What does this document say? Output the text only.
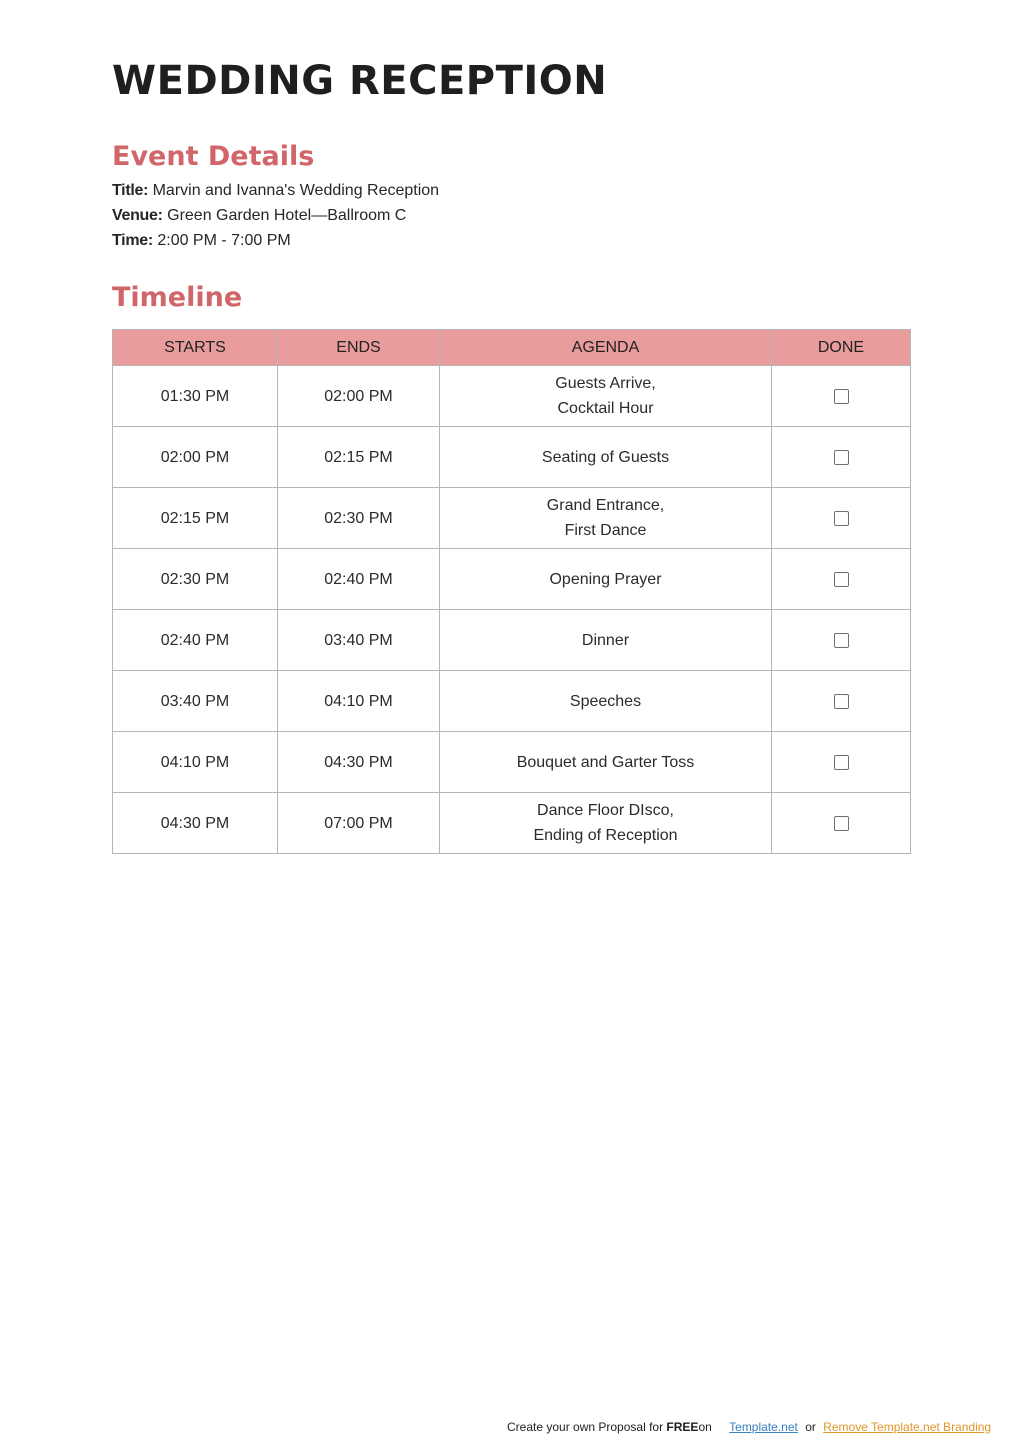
WEDDING RECEPTION
Event Details
Title: Marvin and Ivanna's Wedding Reception
Venue: Green Garden Hotel—Ballroom C
Time: 2:00 PM - 7:00 PM
Timeline
STARTS	ENDS	AGENDA	DONE
01:30 PM	02:00 PM	Guests Arrive,
Cocktail Hour	

02:00 PM	02:15 PM	Seating of Guests	

02:15 PM	02:30 PM	Grand Entrance,
First Dance	

02:30 PM	02:40 PM	Opening Prayer	

02:40 PM	03:40 PM	Dinner	

03:40 PM	04:10 PM	Speeches	

04:10 PM	04:30 PM	Bouquet and Garter Toss	

04:30 PM	07:00 PM	Dance Floor DIsco,
Ending of Reception	

Create your own Proposal for FREEon Template.net or Remove Template.net Branding
